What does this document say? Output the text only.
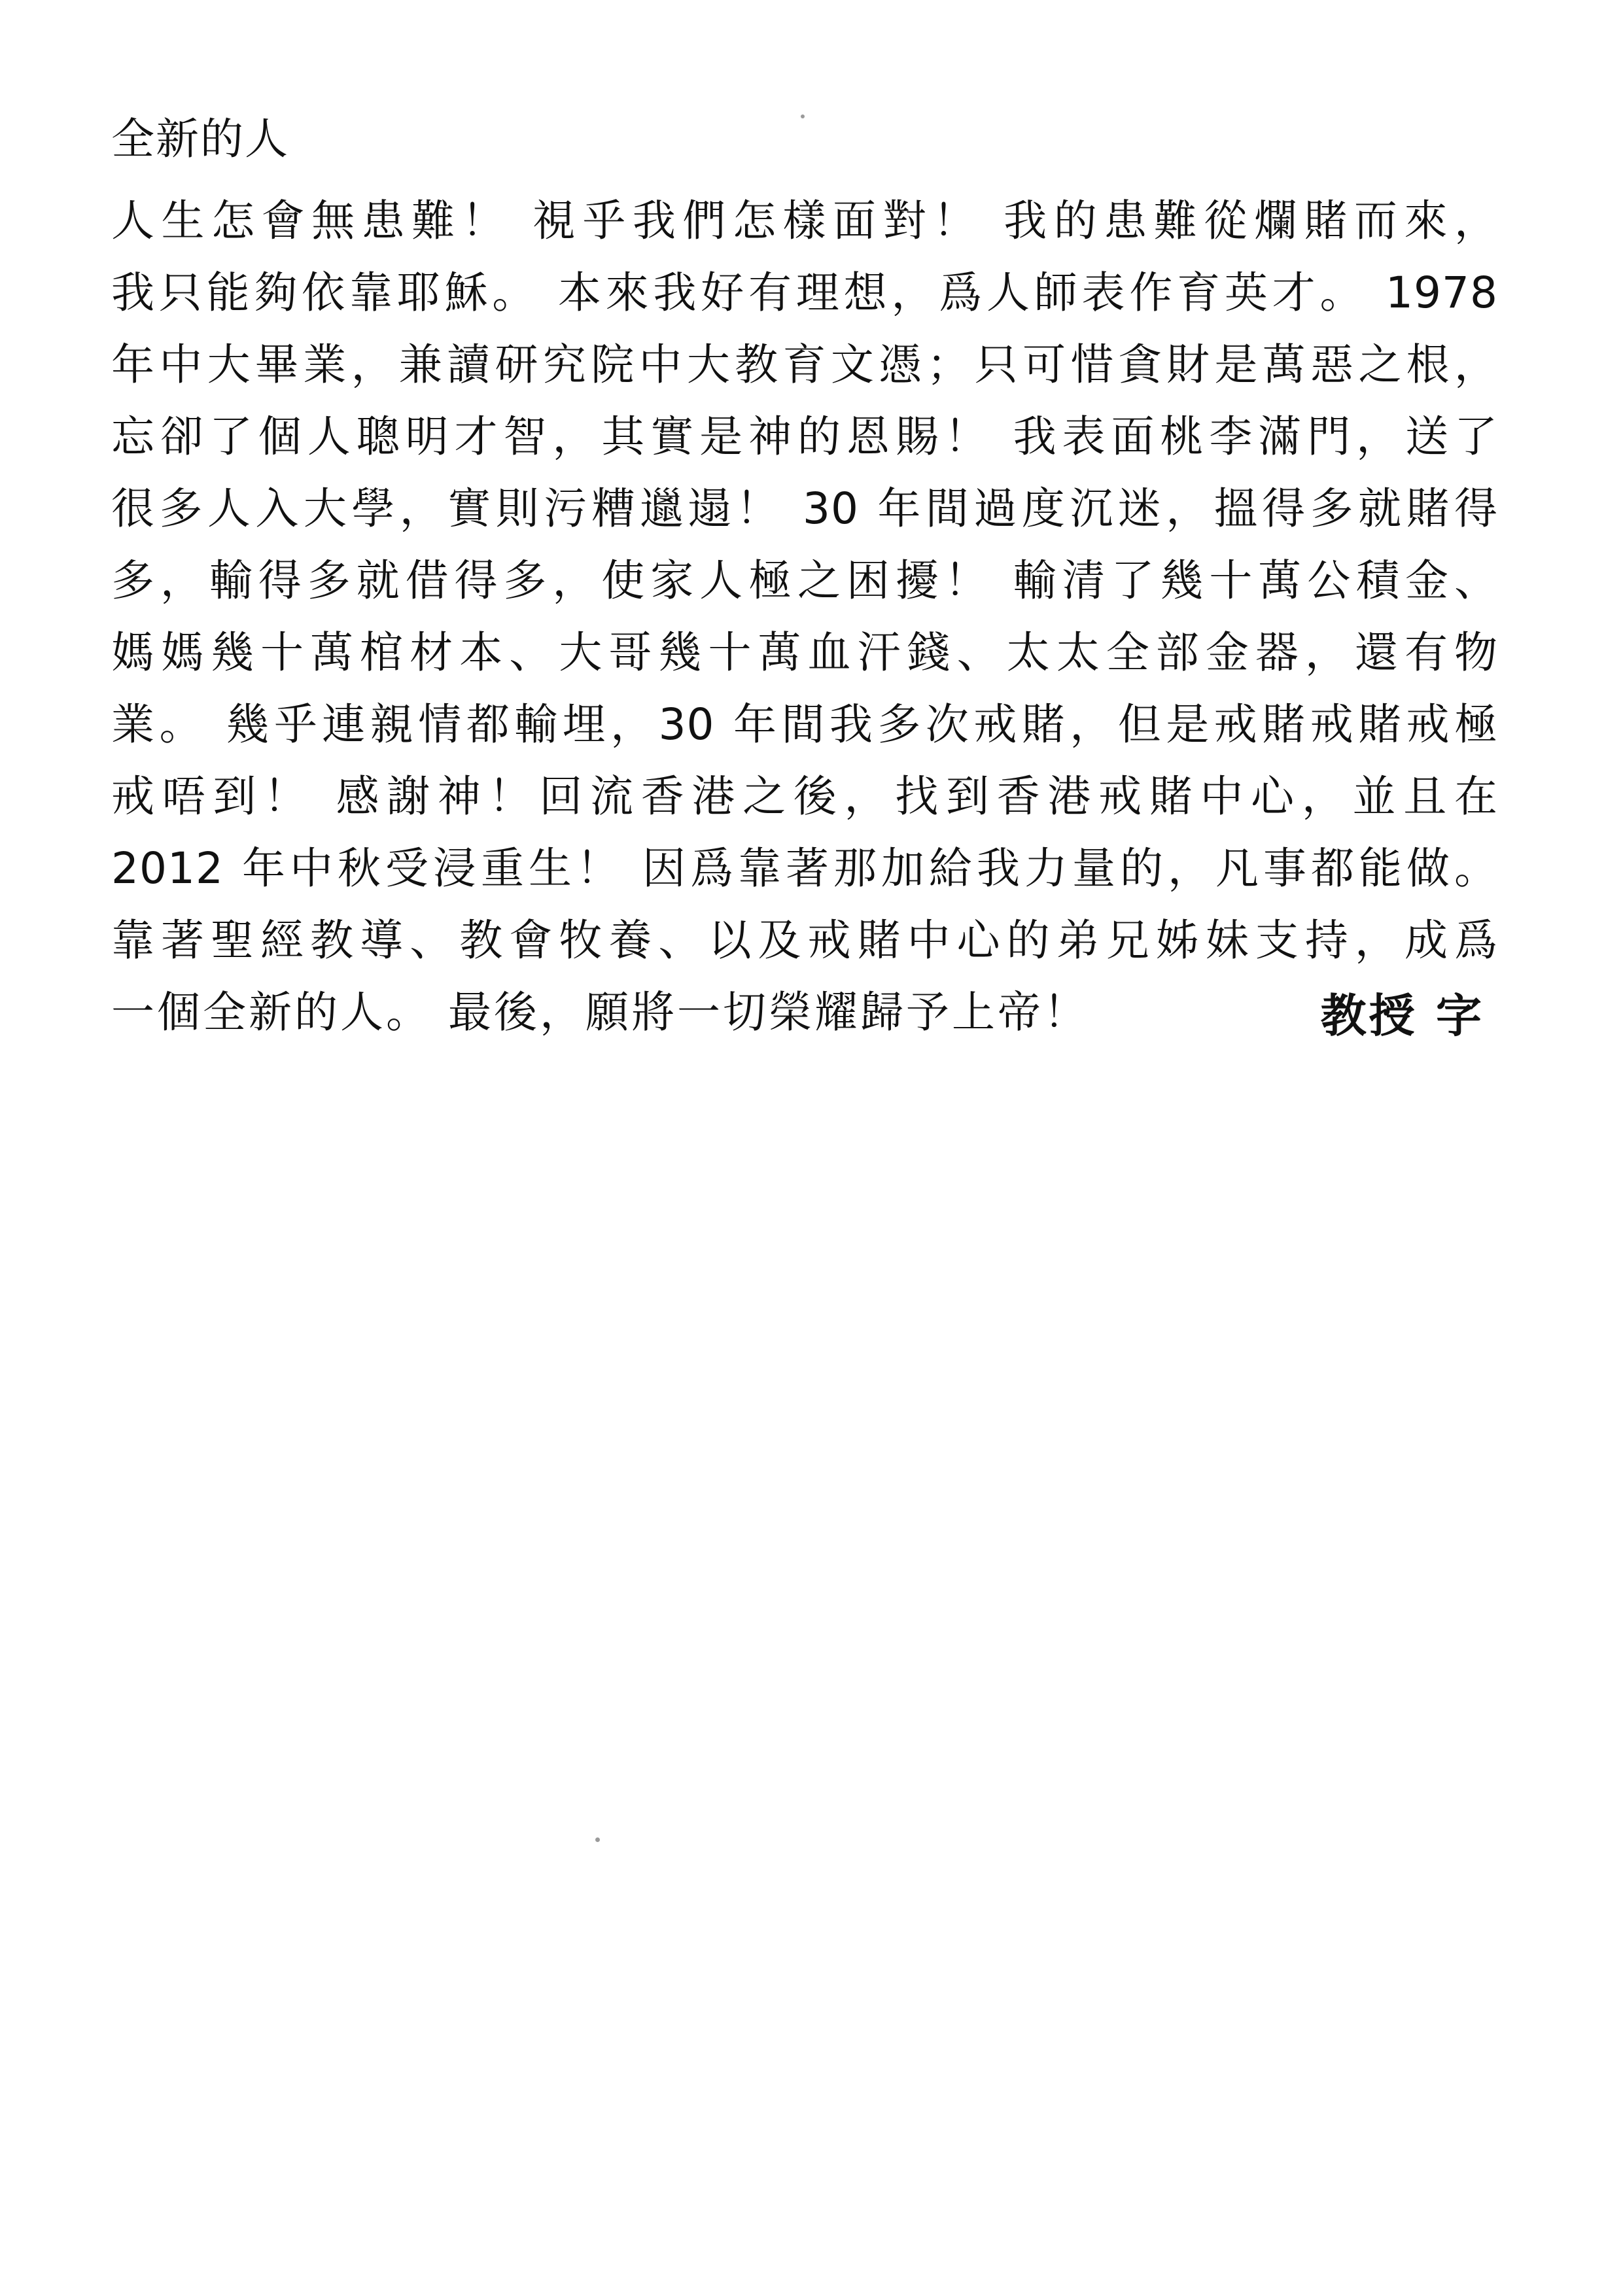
全新的人
人生怎會無患難！ 視乎我們怎樣面對！ 我的患難從爛賭而來，
我只能夠依靠耶穌。 本來我好有理想，爲人師表作育英才。 1978
年中大畢業，兼讀研究院中大教育文憑；只可惜貪財是萬惡之根，
忘卻了個人聰明才智，其實是神的恩賜！ 我表面桃李滿門，送了
很多人入大學，實則污糟邋遢！ 30 年間過度沉迷，搵得多就賭得
多，輸得多就借得多，使家人極之困擾！ 輸清了幾十萬公積金、
媽媽幾十萬棺材本、大哥幾十萬血汗錢、太太全部金器，還有物
業。 幾乎連親情都輸埋，30 年間我多次戒賭，但是戒賭戒賭戒極
戒唔到！ 感謝神！回流香港之後，找到香港戒賭中心，並且在
2012 年中秋受浸重生！ 因爲靠著那加給我力量的，凡事都能做。
靠著聖經教導、教會牧養、以及戒賭中心的弟兄姊妹支持，成爲
一個全新的人。 最後，願將一切榮耀歸予上帝！	教授 字
